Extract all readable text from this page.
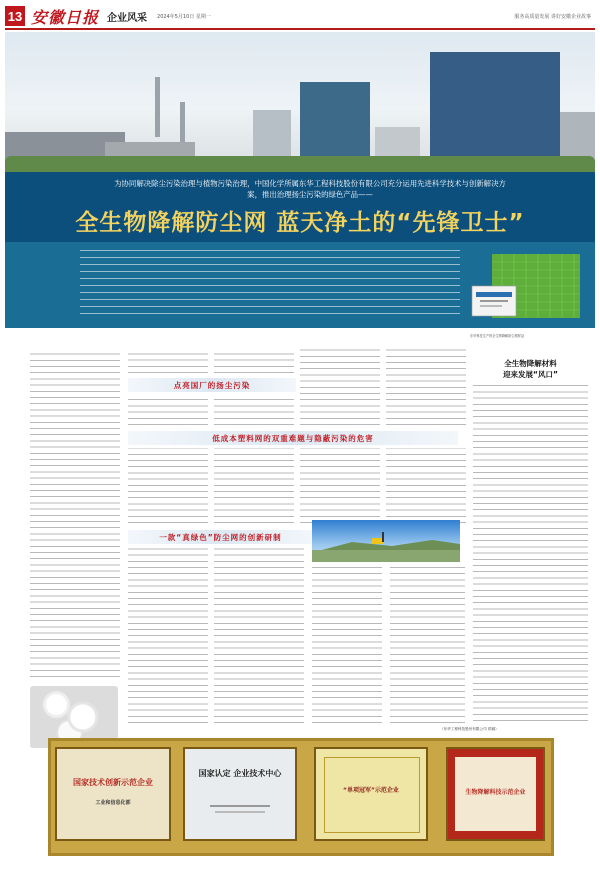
13 安徽日报 企业风采 2024年5月10日 星期一	服务高质量发展 讲好安徽企业故事
为协同解决除尘污染治理与植物污染治理，中国化学所属东华工程科技股份有限公司充分运用先进科学技术与创新解决方案，推出治理扬尘污染的绿色产品——
全生物降解防尘网 蓝天净土的“先锋卫士”
东华科技生产的全生物降解防尘网样品
点亮国厂的扬尘污染
低成本塑料网的双重难题与隐蔽污染的危害
一款“真绿色”防尘网的创新研制
全生物降解材料
迎来发展“风口”
（东华工程科技股份有限公司 供稿）
国家技术创新示范企业
工业和信息化部
国家认定 企业技术中心
“单项冠军”示范企业	生物降解科技示范企业
